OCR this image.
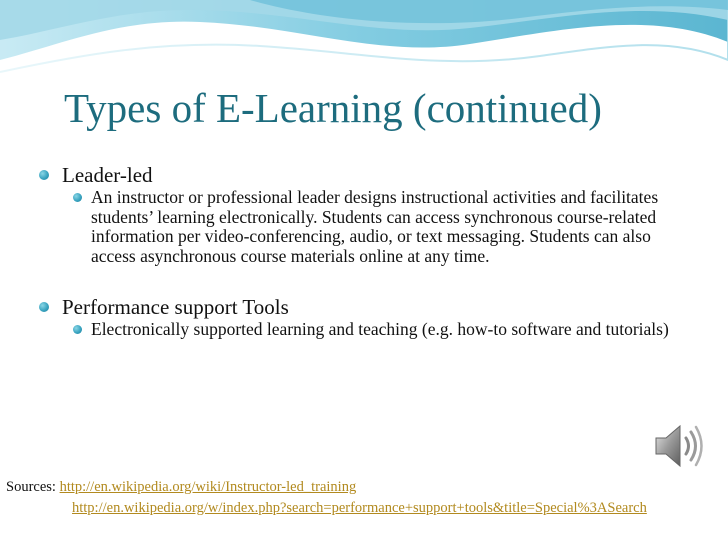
Types of E-Learning (continued)
Leader-led
An instructor or professional leader designs instructional activities and facilitates students’ learning electronically. Students can access synchronous course-related information per video-conferencing, audio, or text messaging. Students can also access asynchronous course materials online at any time.
Performance support Tools
Electronically supported learning and teaching (e.g. how-to software and tutorials)
Sources: http://en.wikipedia.org/wiki/Instructor-led_training
http://en.wikipedia.org/w/index.php?search=performance+support+tools&title=Special%3ASearch
